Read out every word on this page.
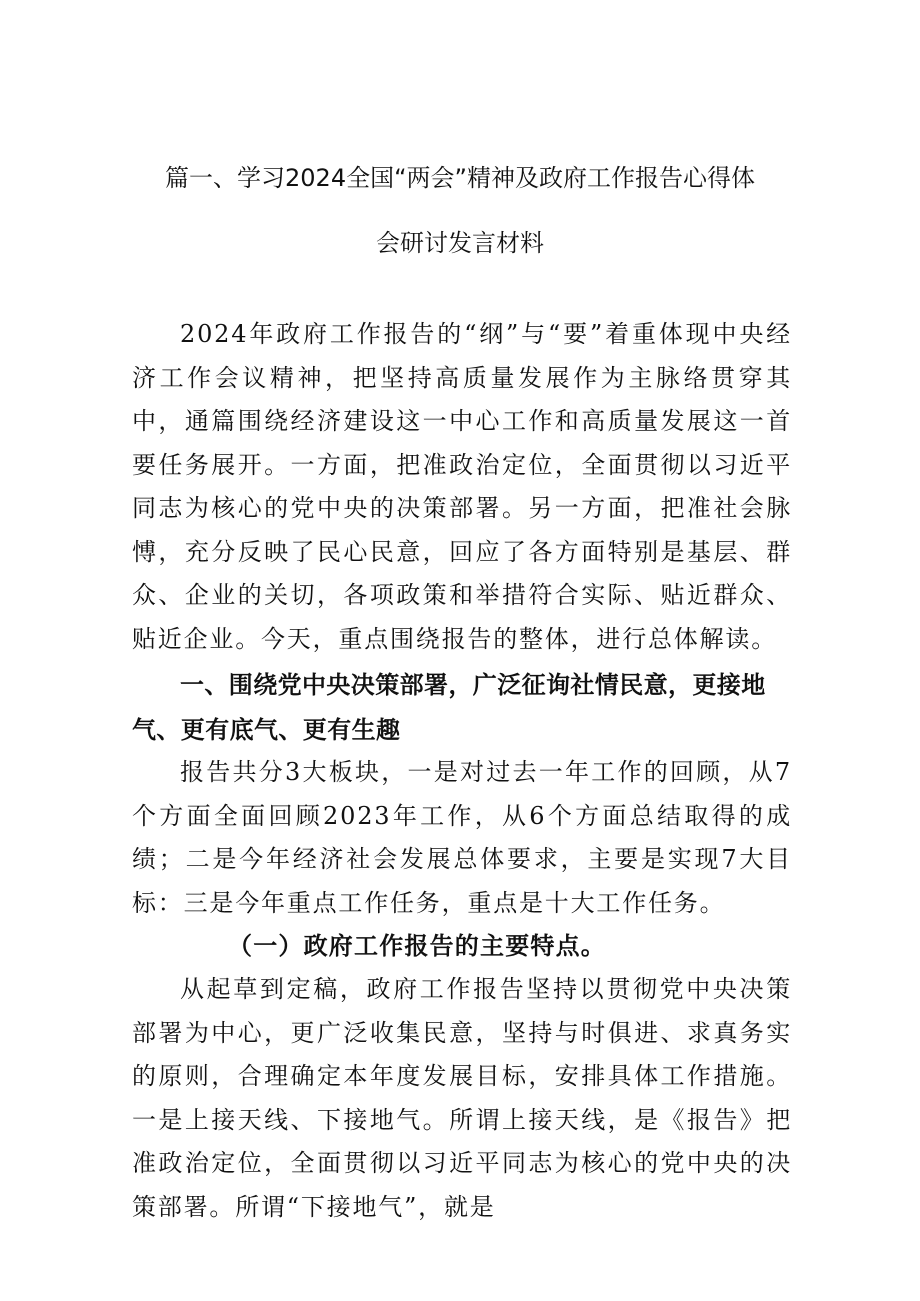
篇一、学习2024全国“两会”精神及政府工作报告心得体
会研讨发言材料

2024年政府工作报告的“纲”与“要”着重体现中央经济工作会议精神，把坚持高质量发展作为主脉络贯穿其中，通篇围绕经济建设这一中心工作和高质量发展这一首要任务展开。一方面，把准政治定位，全面贯彻以习近平同志为核心的党中央的决策部署。另一方面，把准社会脉愽，充分反映了民心民意，回应了各方面特别是基层、群众、企业的关切，各项政策和举措符合实际、贴近群众、贴近企业。今天，重点围绕报告的整体，进行总体解读。

一、围绕党中央决策部署，广泛征询社情民意，更接地气、更有底气、更有生趣

报告共分3大板块，一是对过去一年工作的回顾，从7个方面全面回顾2023年工作，从6个方面总结取得的成绩；二是今年经济社会发展总体要求，主要是实现7大目标：三是今年重点工作任务，重点是十大工作任务。

（一）政府工作报告的主要特点。

从起草到定稿，政府工作报告坚持以贯彻党中央决策部署为中心，更广泛收集民意，坚持与时俱进、求真务实的原则，合理确定本年度发展目标，安排具体工作措施。一是上接天线、下接地气。所谓上接天线，是《报告》把准政治定位，全面贯彻以习近平同志为核心的党中央的决策部署。所谓“下接地气”，就是
